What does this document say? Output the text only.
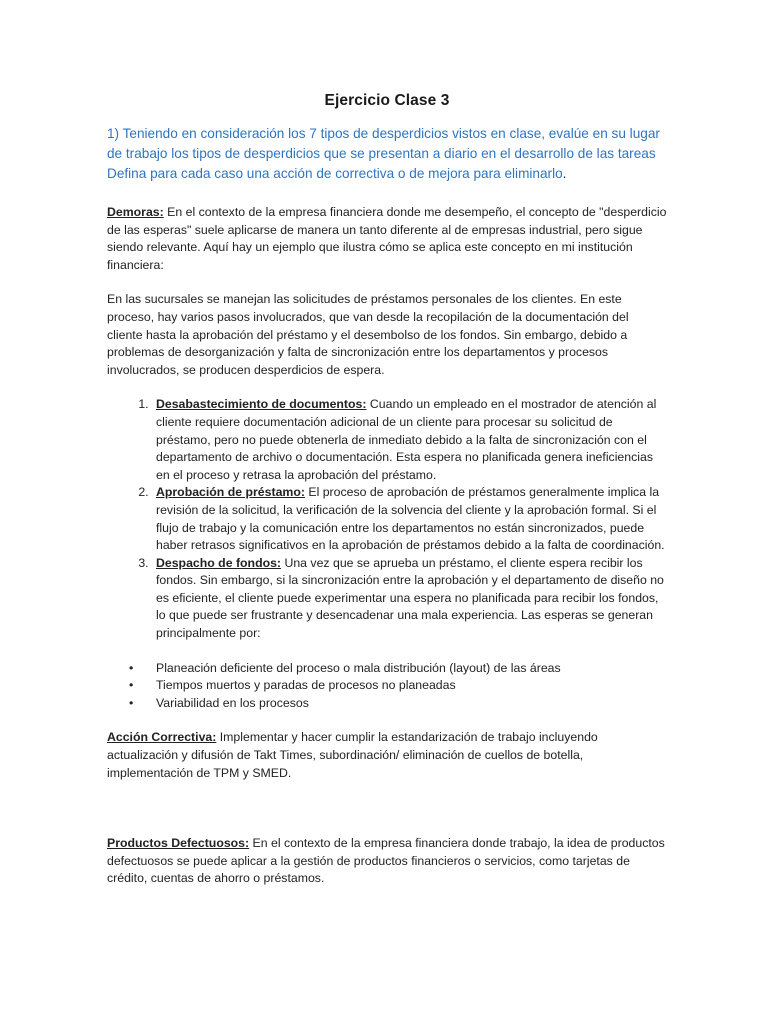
Ejercicio Clase 3

1) Teniendo en consideración los 7 tipos de desperdicios vistos en clase, evalúe en su lugar de trabajo los tipos de desperdicios que se presentan a diario en el desarrollo de las tareas Defina para cada caso una acción de correctiva o de mejora para eliminarlo.

Demoras: En el contexto de la empresa financiera donde me desempeño, el concepto de "desperdicio de las esperas" suele aplicarse de manera un tanto diferente al de empresas industrial, pero sigue siendo relevante. Aquí hay un ejemplo que ilustra cómo se aplica este concepto en mi institución financiera:

En las sucursales se manejan las solicitudes de préstamos personales de los clientes. En este proceso, hay varios pasos involucrados, que van desde la recopilación de la documentación del cliente hasta la aprobación del préstamo y el desembolso de los fondos. Sin embargo, debido a problemas de desorganización y falta de sincronización entre los departamentos y procesos involucrados, se producen desperdicios de espera.

1. Desabastecimiento de documentos: Cuando un empleado en el mostrador de atención al cliente requiere documentación adicional de un cliente para procesar su solicitud de préstamo, pero no puede obtenerla de inmediato debido a la falta de sincronización con el departamento de archivo o documentación. Esta espera no planificada genera ineficiencias en el proceso y retrasa la aprobación del préstamo.
2. Aprobación de préstamo: El proceso de aprobación de préstamos generalmente implica la revisión de la solicitud, la verificación de la solvencia del cliente y la aprobación formal. Si el flujo de trabajo y la comunicación entre los departamentos no están sincronizados, puede haber retrasos significativos en la aprobación de préstamos debido a la falta de coordinación.
3. Despacho de fondos: Una vez que se aprueba un préstamo, el cliente espera recibir los fondos. Sin embargo, si la sincronización entre la aprobación y el departamento de diseño no es eficiente, el cliente puede experimentar una espera no planificada para recibir los fondos, lo que puede ser frustrante y desencadenar una mala experiencia. Las esperas se generan principalmente por:
• Planeación deficiente del proceso o mala distribución (layout) de las áreas
• Tiempos muertos y paradas de procesos no planeadas
• Variabilidad en los procesos

Acción Correctiva: Implementar y hacer cumplir la estandarización de trabajo incluyendo actualización y difusión de Takt Times, subordinación/ eliminación de cuellos de botella, implementación de TPM y SMED.

Productos Defectuosos: En el contexto de la empresa financiera donde trabajo, la idea de productos defectuosos se puede aplicar a la gestión de productos financieros o servicios, como tarjetas de crédito, cuentas de ahorro o préstamos.
